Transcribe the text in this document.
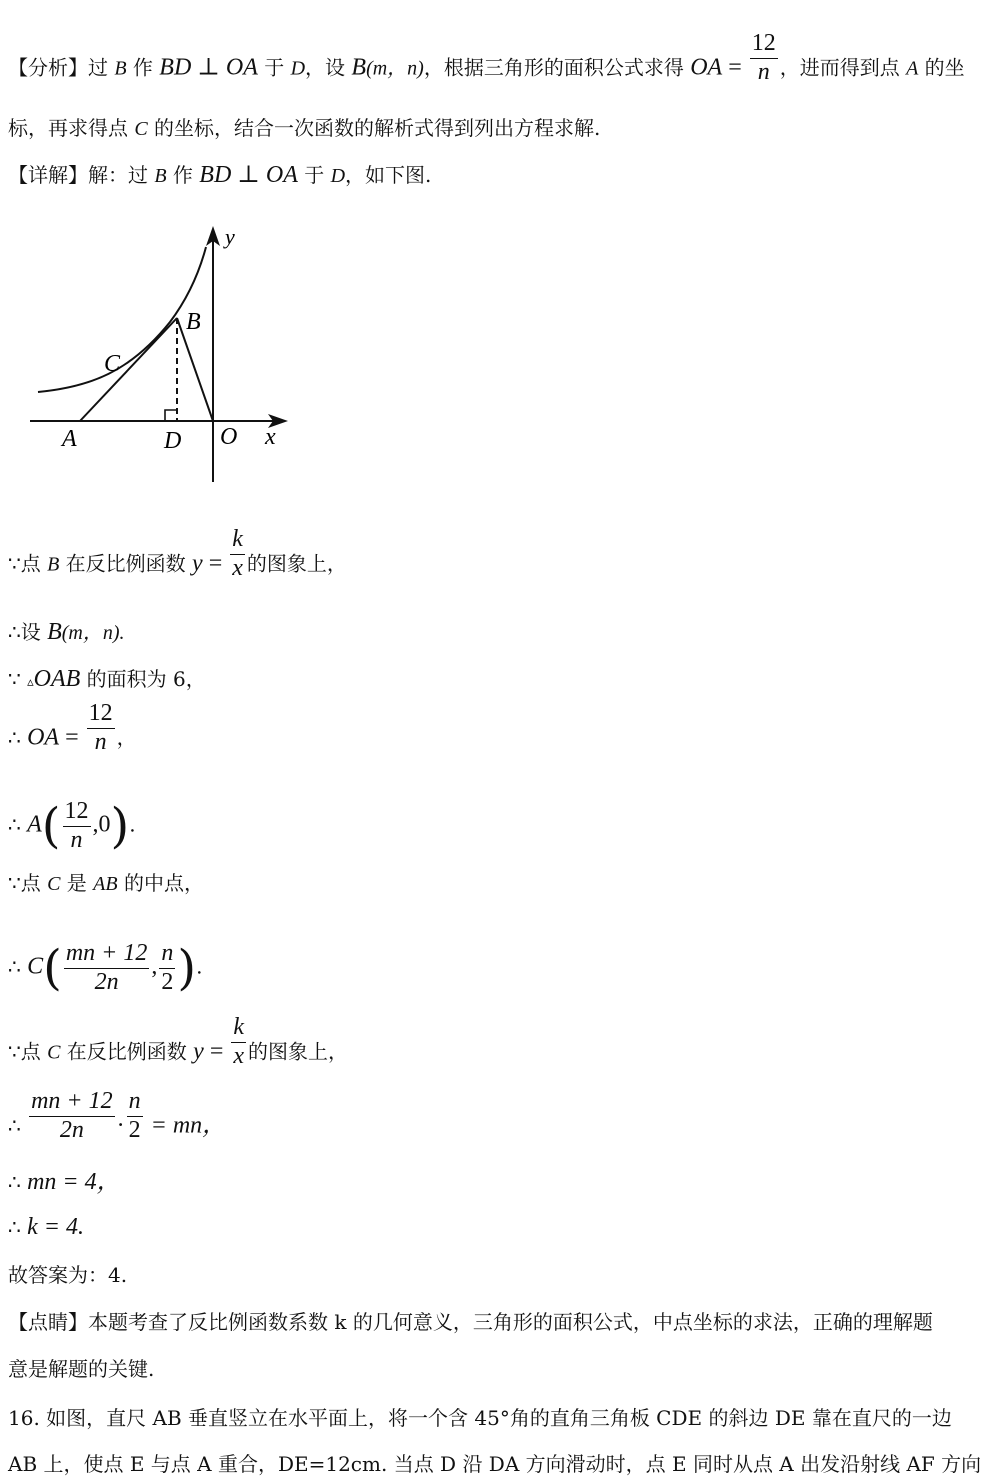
【分析】过 B 作 BD ⊥ OA 于 D，设 B(m，n)，根据三角形的面积公式求得 OA = $\frac{12}{n}$ ，进而得到点 A 的坐
标，再求得点 C 的坐标，结合一次函数的解析式得到列出方程求解.
【详解】解：过 B 作 BD ⊥ OA 于 D，如下图.
y
x
O
A	D
B
C
∵点 B 在反比例函数 $y = \frac{k}{x}$ 的图象上，
∴设 B(m，n).
∵ ▵OAB 的面积为 6，
∴ OA = $\frac{12}{n}$ ，
∴ $A( \frac{12}{n} ,0)$.
∵点 C 是 AB 的中点，
∴ $C( \frac{mn + 12}{2n}$ , $\frac{n}{2}$ ).
∵点 C 在反比例函数 $y = \frac{k}{x}$ 的图象上，
∴ $\frac{mn + 12}{2n} \cdot \frac{n}{2}$ = mn，
∴ mn = 4，
∴ k = 4.
故答案为：4.
【点睛】本题考查了反比例函数系数 k 的几何意义，三角形的面积公式，中点坐标的求法，正确的理解题
意是解题的关键.
16. 如图，直尺 AB 垂直竖立在水平面上，将一个含 45°角的直角三角板 CDE 的斜边 DE 靠在直尺的一边
AB 上，使点 E 与点 A 重合，DE=12cm. 当点 D 沿 DA 方向滑动时，点 E 同时从点 A 出发沿射线 AF 方向
